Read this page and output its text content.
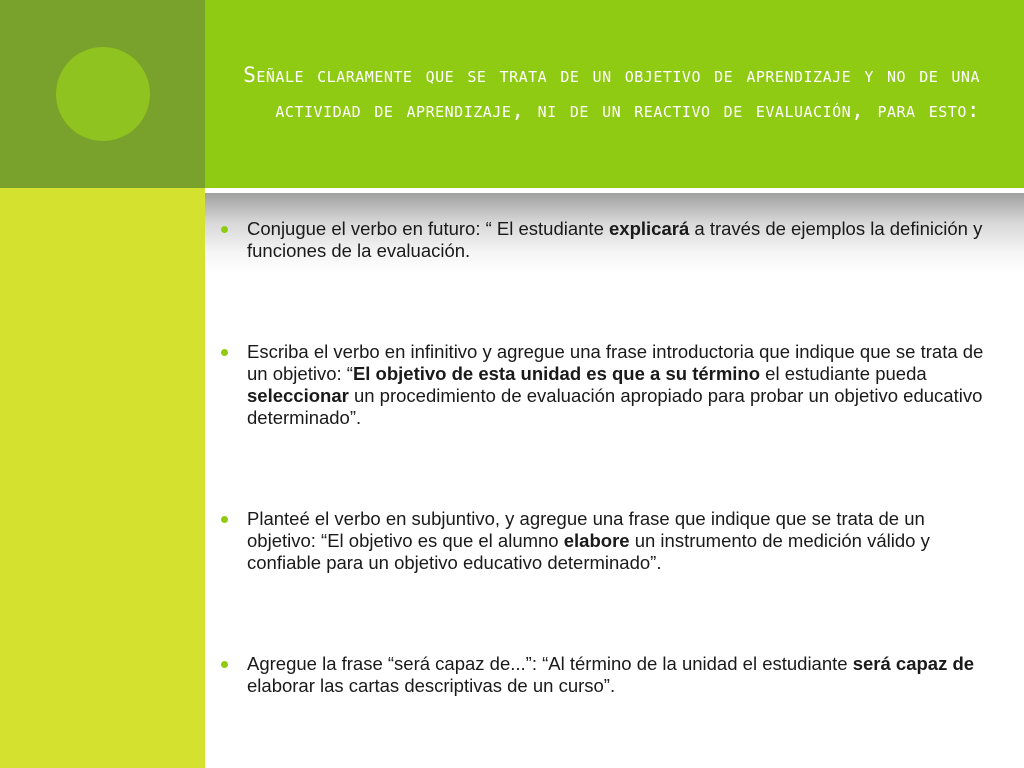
Señale claramente que se trata de un objetivo de aprendizaje y no de una actividad de aprendizaje, ni de un reactivo de evaluación, para esto:
Conjugue el verbo en futuro: “ El estudiante explicará a través de ejemplos la definición y funciones de la evaluación.
Escriba el verbo en infinitivo y agregue una frase introductoria que indique que se trata de un objetivo: “El objetivo de esta unidad es que a su término el estudiante pueda seleccionar un procedimiento de evaluación apropiado para probar un objetivo educativo determinado”.
Planteé el verbo en subjuntivo, y agregue una frase que indique que se trata de un objetivo: “El objetivo es que el alumno elabore un instrumento de medición válido y confiable para un objetivo educativo determinado”.
Agregue la frase “será capaz de...”: “Al término de la unidad el estudiante será capaz de elaborar las cartas descriptivas de un curso”.
